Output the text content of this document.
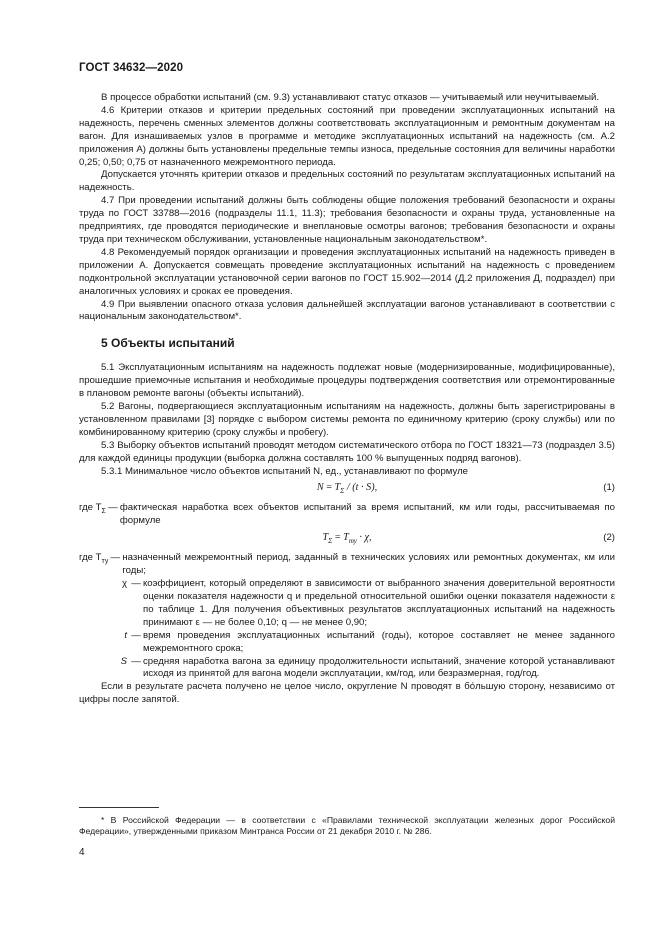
ГОСТ 34632—2020

В процессе обработки испытаний (см. 9.3) устанавливают статус отказов — учитываемый или неучитываемый.

4.6 Критерии отказов и критерии предельных состояний при проведении эксплуатационных испытаний на надежность, перечень сменных элементов должны соответствовать эксплуатационным и ремонтным документам на вагон. Для изнашиваемых узлов в программе и методике эксплуатационных испытаний на надежность (см. А.2 приложения А) должны быть установлены предельные темпы износа, предельные состояния для величины наработки 0,25; 0,50; 0,75 от назначенного межремонтного периода.

Допускается уточнять критерии отказов и предельных состояний по результатам эксплуатационных испытаний на надежность.

4.7 При проведении испытаний должны быть соблюдены общие положения требований безопасности и охраны труда по ГОСТ 33788—2016 (подразделы 11.1, 11.3); требования безопасности и охраны труда, установленные на предприятиях, где проводятся периодические и внеплановые осмотры вагонов; требования безопасности и охраны труда при техническом обслуживании, установленные национальным законодательством*.

4.8 Рекомендуемый порядок организации и проведения эксплуатационных испытаний на надежность приведен в приложении А. Допускается совмещать проведение эксплуатационных испытаний на надежность с проведением подконтрольной эксплуатации установочной серии вагонов по ГОСТ 15.902—2014 (Д.2 приложения Д, подраздел) при аналогичных условиях и сроках ее проведения.

4.9 При выявлении опасного отказа условия дальнейшей эксплуатации вагонов устанавливают в соответствии с национальным законодательством*.

5 Объекты испытаний

5.1 Эксплуатационным испытаниям на надежность подлежат новые (модернизированные, модифицированные), прошедшие приемочные испытания и необходимые процедуры подтверждения соответствия или отремонтированные в плановом ремонте вагоны (объекты испытаний).

5.2 Вагоны, подвергающиеся эксплуатационным испытаниям на надежность, должны быть зарегистрированы в установленном правилами [3] порядке с выбором системы ремонта по единичному критерию (сроку службы) или по комбинированному критерию (сроку службы и пробегу).

5.3 Выборку объектов испытаний проводят методом систематического отбора по ГОСТ 18321—73 (подраздел 3.5) для каждой единицы продукции (выборка должна составлять 100 % выпущенных подряд вагонов).

5.3.1 Минимальное число объектов испытаний N, ед., устанавливают по формуле

$N = T_\Sigma / (t \cdot S)$,	(1)
где $T_\Sigma$ — фактическая наработка всех объектов испытаний за время испытаний, км или годы, рассчитываемая по формуле
$T_\Sigma = T_{ту} \cdot \chi$,	(2)
где $T_{ту}$ — назначенный межремонтный период, заданный в технических условиях или ремонтных документах, км или годы;
χ — коэффициент, который определяют в зависимости от выбранного значения доверительной вероятности оценки показателя надежности q и предельной относительной ошибки оценки показателя надежности ε по таблице 1. Для получения объективных результатов эксплуатационных испытаний на надежность принимают ε — не более 0,10; q — не менее 0,90;
t — время проведения эксплуатационных испытаний (годы), которое составляет не менее заданного межремонтного срока;
S — средняя наработка вагона за единицу продолжительности испытаний, значение которой устанавливают исходя из принятой для вагона модели эксплуатации, км/год, или безразмерная, год/год.

Если в результате расчета получено не целое число, округление N проводят в бо́льшую сторону, независимо от цифры после запятой.

* В Российской Федерации — в соответствии с «Правилами технической эксплуатации железных дорог Российской Федерации», утвержденными приказом Минтранса России от 21 декабря 2010 г. № 286.
4
